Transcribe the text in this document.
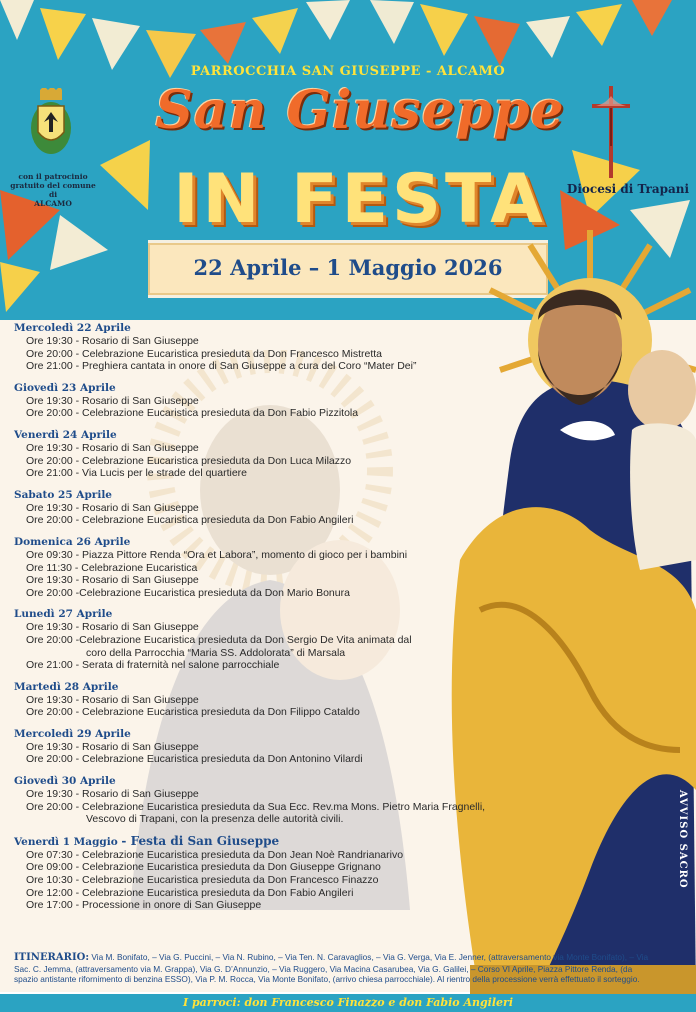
PARROCCHIA SAN GIUSEPPE - ALCAMO
con il patrocinio
gratuito del comune
di
ALCAMO
San Giuseppe
IN FESTA
22 Aprile – 1 Maggio 2026
Diocesi di Trapani
Mercoledì 22 Aprile
Ore 19:30 - Rosario di San Giuseppe
Ore 20:00 - Celebrazione Eucaristica presieduta da Don Francesco Mistretta
Ore 21:00 - Preghiera cantata in onore di San Giuseppe a cura del Coro “Mater Dei”
Giovedì 23 Aprile
Ore 19:30 - Rosario di San Giuseppe
Ore 20:00 - Celebrazione Eucaristica presieduta da Don Fabio Pizzitola
Venerdì 24 Aprile
Ore 19:30 - Rosario di San Giuseppe
Ore 20:00 - Celebrazione Eucaristica presieduta da Don Luca Milazzo
Ore 21:00 - Via Lucis per le strade del quartiere
Sabato 25 Aprile
Ore 19:30 - Rosario di San Giuseppe
Ore 20:00 - Celebrazione Eucaristica presieduta da Don Fabio Angileri
Domenica 26 Aprile
Ore 09:30 - Piazza Pittore Renda “Ora et Labora”, momento di gioco per i bambini
Ore 11:30 - Celebrazione Eucaristica
Ore 19:30 - Rosario di San Giuseppe
Ore 20:00 -Celebrazione Eucaristica presieduta da Don Mario Bonura
Lunedì 27 Aprile
Ore 19:30 - Rosario di San Giuseppe
Ore 20:00 -Celebrazione Eucaristica presieduta da Don Sergio De Vita animata dal
coro della Parrocchia “Maria SS. Addolorata” di Marsala
Ore 21:00 - Serata di fraternità nel salone parrocchiale
Martedì 28 Aprile
Ore 19:30 - Rosario di San Giuseppe
Ore 20:00 - Celebrazione Eucaristica presieduta da Don Filippo Cataldo
Mercoledì 29 Aprile
Ore 19:30 - Rosario di San Giuseppe
Ore 20:00 - Celebrazione Eucaristica presieduta da Don Antonino Vilardi
Giovedì 30 Aprile
Ore 19:30 - Rosario di San Giuseppe
Ore 20:00 - Celebrazione Eucaristica presieduta da Sua Ecc. Rev.ma Mons. Pietro Maria Fragnelli,
Vescovo di Trapani, con la presenza delle autorità civili.
Venerdì 1 Maggio - Festa di San Giuseppe
Ore 07:30 - Celebrazione Eucaristica presieduta da Don Jean Noè Randrianarivo
Ore 09:00 - Celebrazione Eucaristica presieduta da Don Giuseppe Grignano
Ore 10:30 - Celebrazione Eucaristica presieduta da Don Francesco Finazzo
Ore 12:00 - Celebrazione Eucaristica presieduta da Don Fabio Angileri
Ore 17:00 - Processione in onore di San Giuseppe
ITINERARIO: Via M. Bonifato, – Via G. Puccini, – Via N. Rubino, – Via Ten. N. Caravaglios, – Via G. Verga, Via E. Jenner, (attraversamento via Monte Bonifato), – Via Sac. C. Jemma, (attraversamento via M. Grappa), Via G. D’Annunzio, – Via Ruggero, Via Macina Casarubea, Via G. Galilei, – Corso VI Aprile, Piazza Pittore Renda, (da spazio antistante rifornimento di benzina ESSO), Via P. M. Rocca, Via Monte Bonifato, (arrivo chiesa parrocchiale). Al rientro della processione verrà effettuato il sorteggio.
AVVISO SACRO
I parroci: don Francesco Finazzo e don Fabio Angileri
